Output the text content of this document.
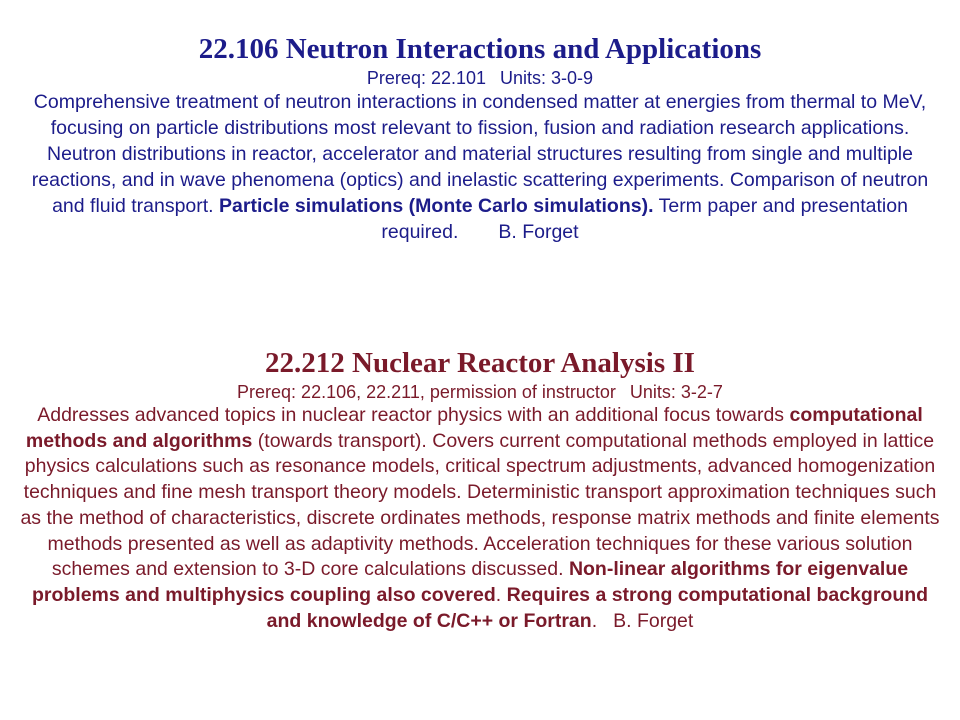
22.106 Neutron Interactions and Applications
Prereq: 22.101 Units: 3-0-9
Comprehensive treatment of neutron interactions in condensed matter at energies from thermal to MeV, focusing on particle distributions most relevant to fission, fusion and radiation research applications. Neutron distributions in reactor, accelerator and material structures resulting from single and multiple reactions, and in wave phenomena (optics) and inelastic scattering experiments. Comparison of neutron and fluid transport. Particle simulations (Monte Carlo simulations). Term paper and presentation required. B. Forget
22.212 Nuclear Reactor Analysis II
Prereq: 22.106, 22.211, permission of instructor Units: 3-2-7
Addresses advanced topics in nuclear reactor physics with an additional focus towards computational methods and algorithms (towards transport). Covers current computational methods employed in lattice physics calculations such as resonance models, critical spectrum adjustments, advanced homogenization techniques and fine mesh transport theory models. Deterministic transport approximation techniques such as the method of characteristics, discrete ordinates methods, response matrix methods and finite elements methods presented as well as adaptivity methods. Acceleration techniques for these various solution schemes and extension to 3-D core calculations discussed. Non-linear algorithms for eigenvalue problems and multiphysics coupling also covered. Requires a strong computational background and knowledge of C/C++ or Fortran. B. Forget
